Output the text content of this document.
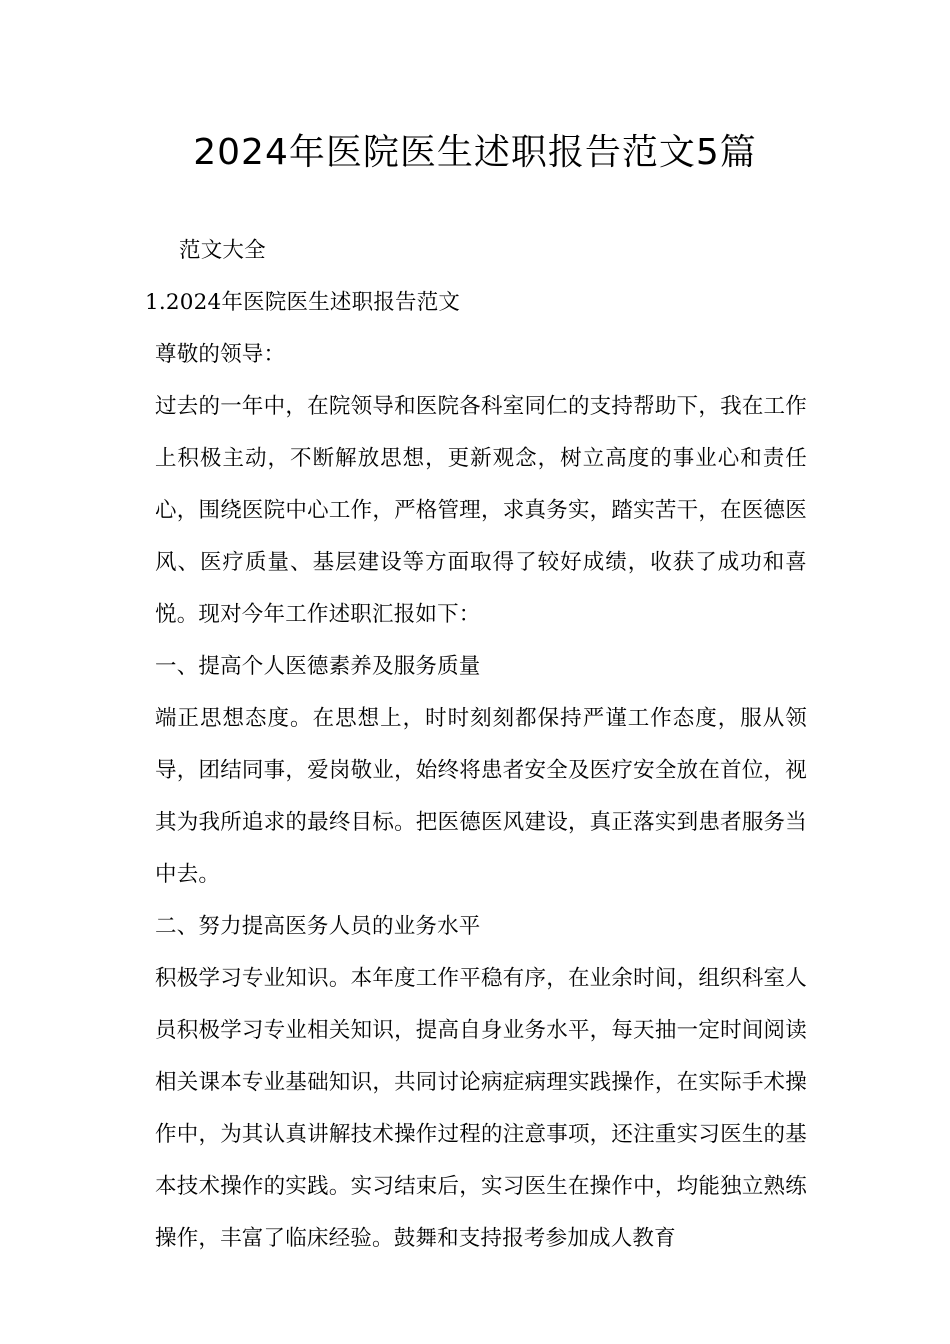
2024年医院医生述职报告范文5篇

范文大全

1.2024年医院医生述职报告范文

尊敬的领导：

过去的一年中，在院领导和医院各科室同仁的支持帮助下，我在工作上积极主动，不断解放思想，更新观念，树立高度的事业心和责任心，围绕医院中心工作，严格管理，求真务实，踏实苦干，在医德医风、医疗质量、基层建设等方面取得了较好成绩，收获了成功和喜悦。现对今年工作述职汇报如下：

一、提高个人医德素养及服务质量

端正思想态度。在思想上，时时刻刻都保持严谨工作态度，服从领导，团结同事，爱岗敬业，始终将患者安全及医疗安全放在首位，视其为我所追求的最终目标。把医德医风建设，真正落实到患者服务当中去。

二、努力提高医务人员的业务水平

积极学习专业知识。本年度工作平稳有序，在业余时间，组织科室人员积极学习专业相关知识，提高自身业务水平，每天抽一定时间阅读相关课本专业基础知识，共同讨论病症病理实践操作，在实际手术操作中，为其认真讲解技术操作过程的注意事项，还注重实习医生的基本技术操作的实践。实习结束后，实习医生在操作中，均能独立熟练操作，丰富了临床经验。鼓舞和支持报考参加成人教育
